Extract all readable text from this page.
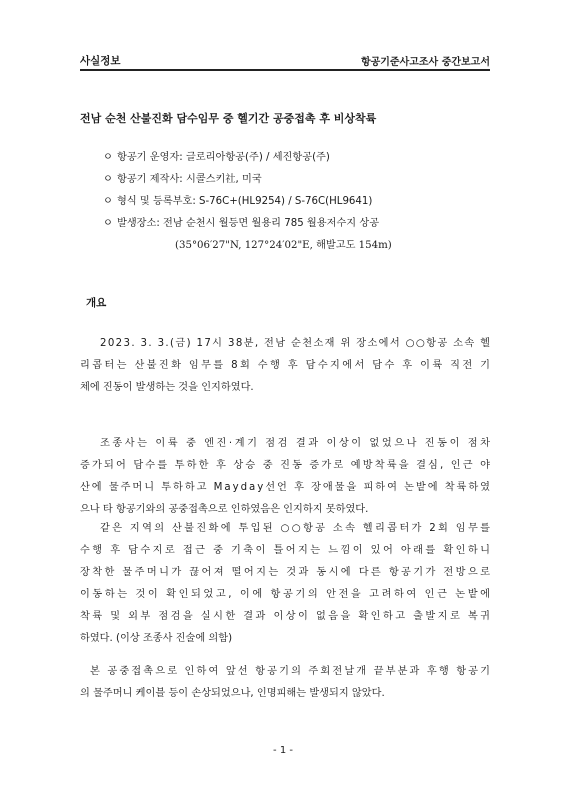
사실정보	항공기준사고조사 중간보고서
전남 순천 산불진화 담수임무 중 헬기간 공중접촉 후 비상착륙
ㅇ 항공기 운영자: 글로리아항공(주) / 세진항공(주)
ㅇ 항공기 제작사: 시콜스키社, 미국
ㅇ 형식 및 등록부호: S-76C+(HL9254) / S-76C(HL9641)
ㅇ 발생장소: 전남 순천시 월등면 월용리 785 월용저수지 상공
(35°06′27"N, 127°24′02"E, 해발고도 154m)
개요
2023. 3. 3.(금) 17시 38분, 전남 순천소재 위 장소에서 ○○항공 소속 헬
리콥터는 산불진화 임무를 8회 수행 후 담수지에서 담수 후 이륙 직전 기
체에 진동이 발생하는 것을 인지하였다.
조종사는 이륙 중 엔진·계기 점검 결과 이상이 없었으나 진동이 점차
증가되어 담수를 투하한 후 상승 중 진동 증가로 예방착륙을 결심, 인근 야
산에 물주머니 투하하고 Mayday선언 후 장애물을 피하여 논밭에 착륙하였
으나 타 항공기와의 공중접촉으로 인하였음은 인지하지 못하였다.
같은 지역의 산불진화에 투입된 ○○항공 소속 헬리콥터가 2회 임무를
수행 후 담수지로 접근 중 기축이 틀어지는 느낌이 있어 아래를 확인하니
장착한 물주머니가 끊어져 떨어지는 것과 동시에 다른 항공기가 전방으로
이동하는 것이 확인되었고, 이에 항공기의 안전을 고려하여 인근 논밭에
착륙 및 외부 점검을 실시한 결과 이상이 없음을 확인하고 출발지로 복귀
하였다. (이상 조종사 진술에 의함)
본 공중접촉으로 인하여 앞선 항공기의 주회전날개 끝부분과 후행 항공기
의 물주머니 케이블 등이 손상되었으나, 인명피해는 발생되지 않았다.
- 1 -
